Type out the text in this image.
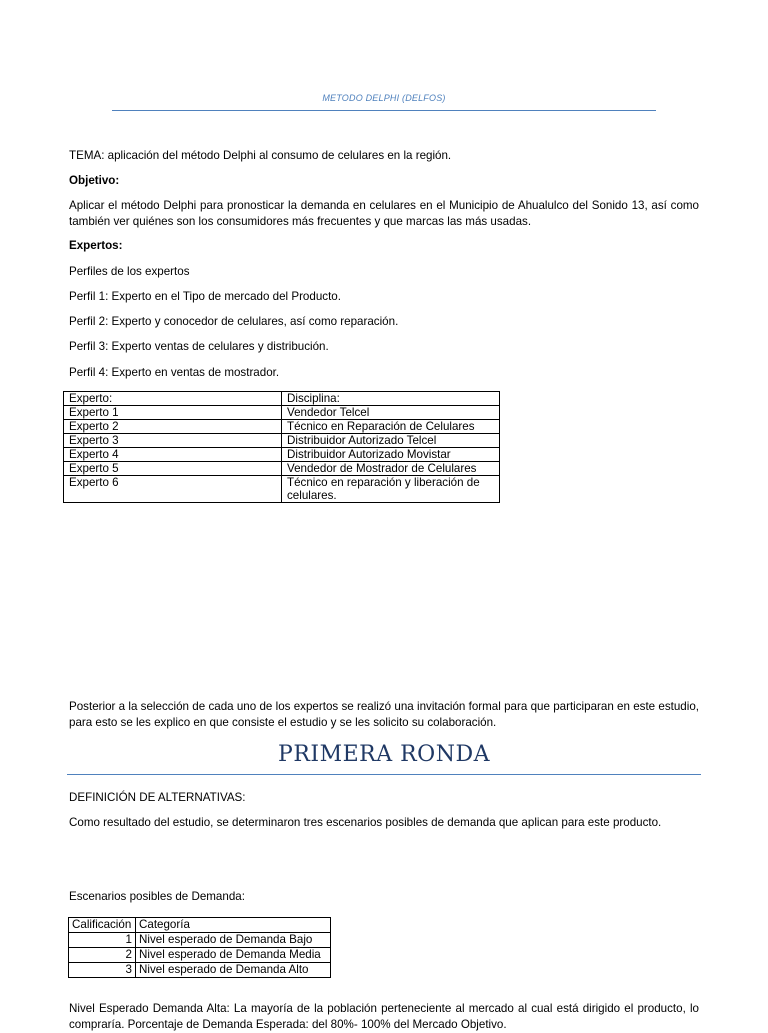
METODO DELPHI (DELFOS)

TEMA: aplicación del método Delphi al consumo de celulares en la región.

Objetivo:

Aplicar el método Delphi para pronosticar la demanda en celulares en el Municipio de Ahualulco del Sonido 13, así como también ver quiénes son los consumidores más frecuentes y que marcas las más usadas.

Expertos:

Perfiles de los expertos

Perfil 1: Experto en el Tipo de mercado del Producto.

Perfil 2: Experto y conocedor de celulares, así como reparación.

Perfil 3: Experto ventas de celulares y distribución.

Perfil 4: Experto en ventas de mostrador.

Experto:	Disciplina:
Experto 1	Vendedor Telcel
Experto 2	Técnico en Reparación de Celulares
Experto 3	Distribuidor Autorizado Telcel
Experto 4	Distribuidor Autorizado Movistar
Experto 5	Vendedor de Mostrador de Celulares
Experto 6	Técnico en reparación y liberación de celulares.

Posterior a la selección de cada uno de los expertos se realizó una invitación formal para que participaran en este estudio, para esto se les explico en que consiste el estudio y se les solicito su colaboración.

PRIMERA RONDA

DEFINICIÓN DE ALTERNATIVAS:

Como resultado del estudio, se determinaron tres escenarios posibles de demanda que aplican para este producto.

Escenarios posibles de Demanda:

Calificación	Categoría
1	Nivel esperado de Demanda Bajo
2	Nivel esperado de Demanda Media
3	Nivel esperado de Demanda Alto

Nivel Esperado Demanda Alta: La mayoría de la población perteneciente al mercado al cual está dirigido el producto, lo compraría. Porcentaje de Demanda Esperada: del 80%- 100% del Mercado Objetivo.
